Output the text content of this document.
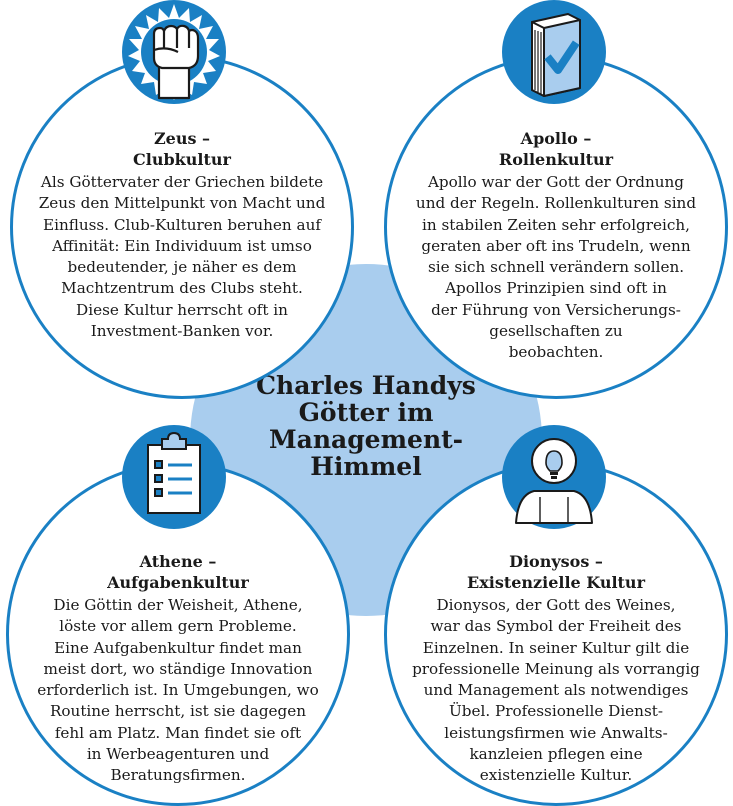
Charles Handys
Götter im
Management-
Himmel
Zeus –
Clubkultur
Als Göttervater der Griechen bildete
Zeus den Mittelpunkt von Macht und
Einfluss. Club-Kulturen beruhen auf
Affinität: Ein Individuum ist umso
bedeutender, je näher es dem
Machtzentrum des Clubs steht.
Diese Kultur herrscht oft in
Investment-Banken vor.
Apollo –
Rollenkultur
Apollo war der Gott der Ordnung
und der Regeln. Rollenkulturen sind
in stabilen Zeiten sehr erfolgreich,
geraten aber oft ins Trudeln, wenn
sie sich schnell verändern sollen.
Apollos Prinzipien sind oft in
der Führung von Versicherungs-
gesellschaften zu
beobachten.
Athene –
Aufgabenkultur
Die Göttin der Weisheit, Athene,
löste vor allem gern Probleme.
Eine Aufgabenkultur findet man
meist dort, wo ständige Innovation
erforderlich ist. In Umgebungen, wo
Routine herrscht, ist sie dagegen
fehl am Platz. Man findet sie oft
in Werbeagenturen und
Beratungsfirmen.
Dionysos –
Existenzielle Kultur
Dionysos, der Gott des Weines,
war das Symbol der Freiheit des
Einzelnen. In seiner Kultur gilt die
professionelle Meinung als vorrangig
und Management als notwendiges
Übel. Professionelle Dienst-
leistungsfirmen wie Anwalts-
kanzleien pflegen eine
existenzielle Kultur.
